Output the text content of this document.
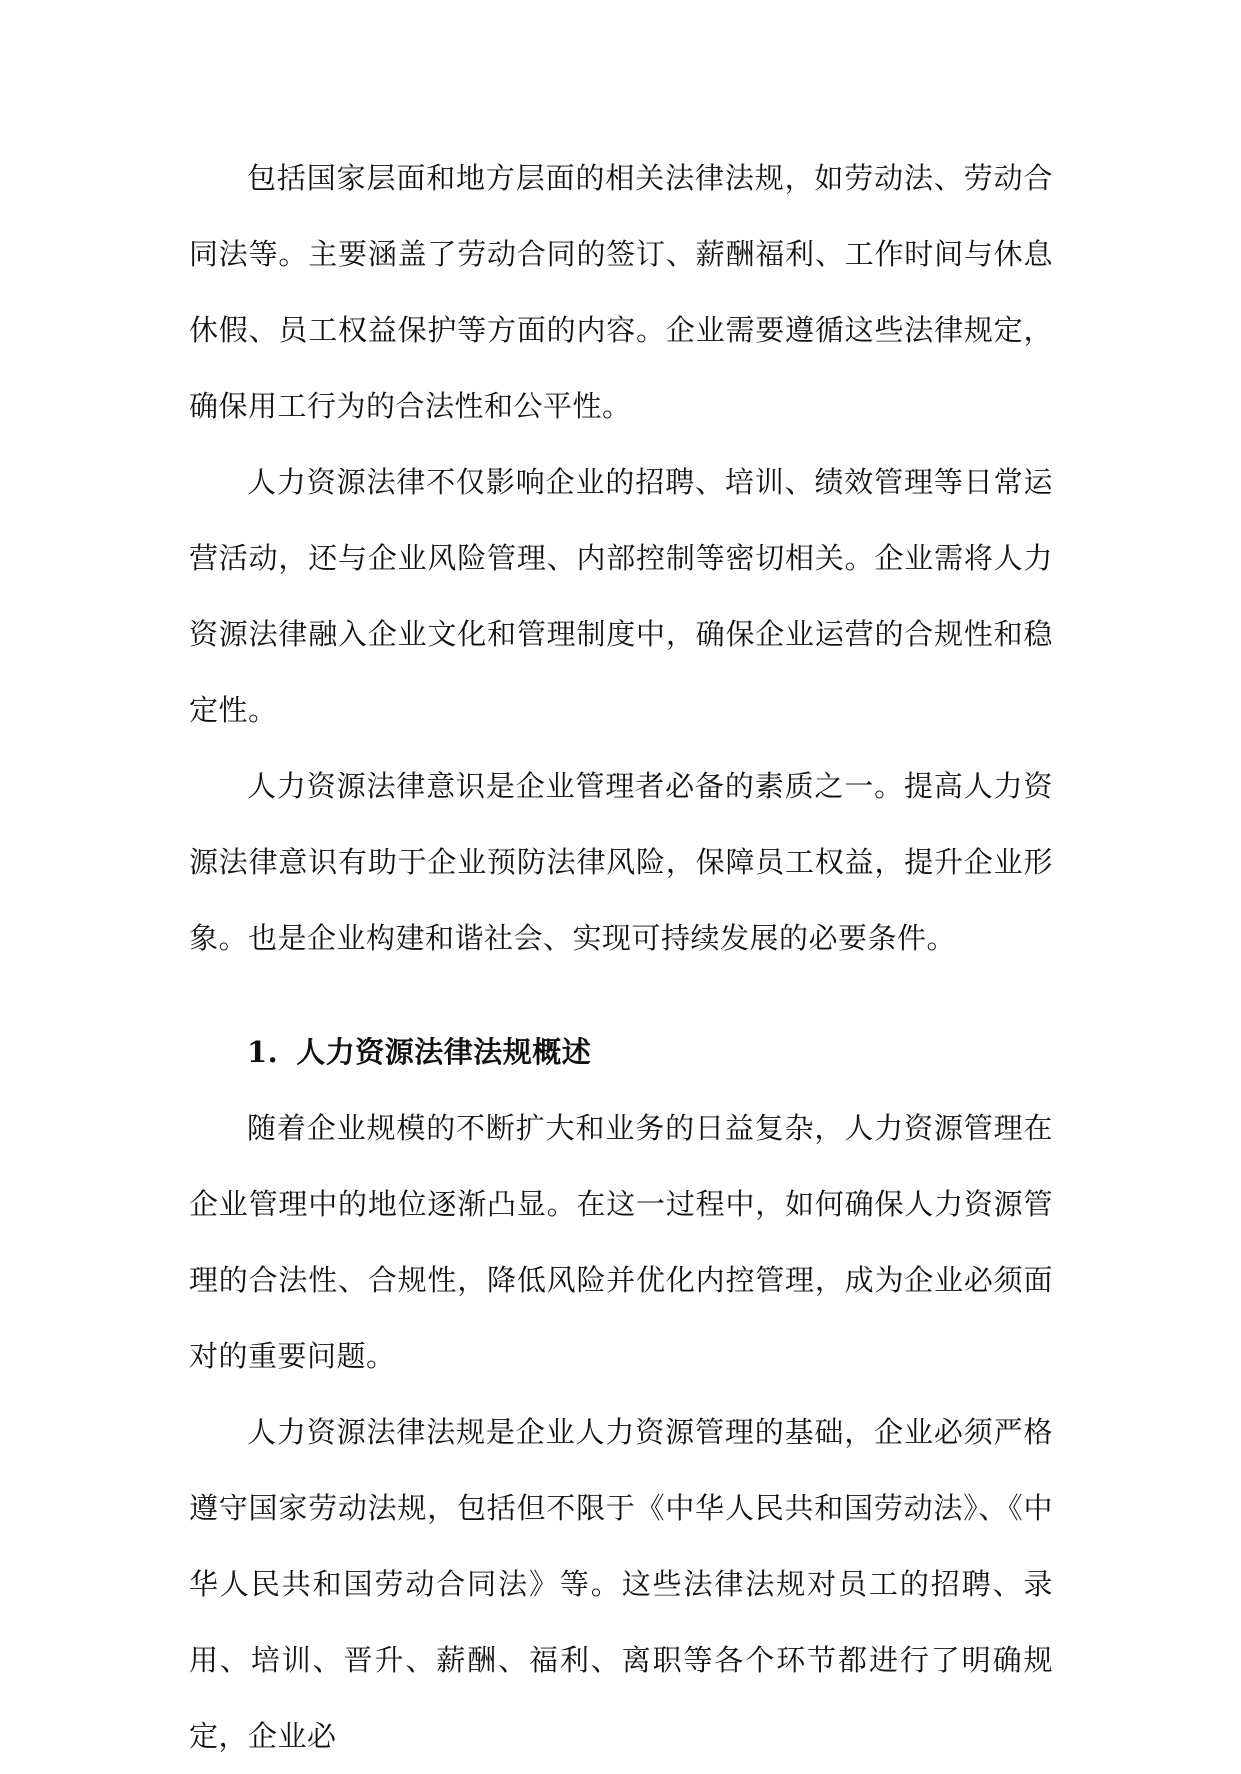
包括国家层面和地方层面的相关法律法规，如劳动法、劳动合同法等。主要涵盖了劳动合同的签订、薪酬福利、工作时间与休息休假、员工权益保护等方面的内容。企业需要遵循这些法律规定，确保用工行为的合法性和公平性。

人力资源法律不仅影响企业的招聘、培训、绩效管理等日常运营活动，还与企业风险管理、内部控制等密切相关。企业需将人力资源法律融入企业文化和管理制度中，确保企业运营的合规性和稳定性。

人力资源法律意识是企业管理者必备的素质之一。提高人力资源法律意识有助于企业预防法律风险，保障员工权益，提升企业形象。也是企业构建和谐社会、实现可持续发展的必要条件。

1. 人力资源法律法规概述

随着企业规模的不断扩大和业务的日益复杂，人力资源管理在企业管理中的地位逐渐凸显。在这一过程中，如何确保人力资源管理的合法性、合规性，降低风险并优化内控管理，成为企业必须面对的重要问题。

人力资源法律法规是企业人力资源管理的基础，企业必须严格遵守国家劳动法规，包括但不限于《中华人民共和国劳动法》、《中华人民共和国劳动合同法》等。这些法律法规对员工的招聘、录用、培训、晋升、薪酬、福利、离职等各个环节都进行了明确规定，企业必
